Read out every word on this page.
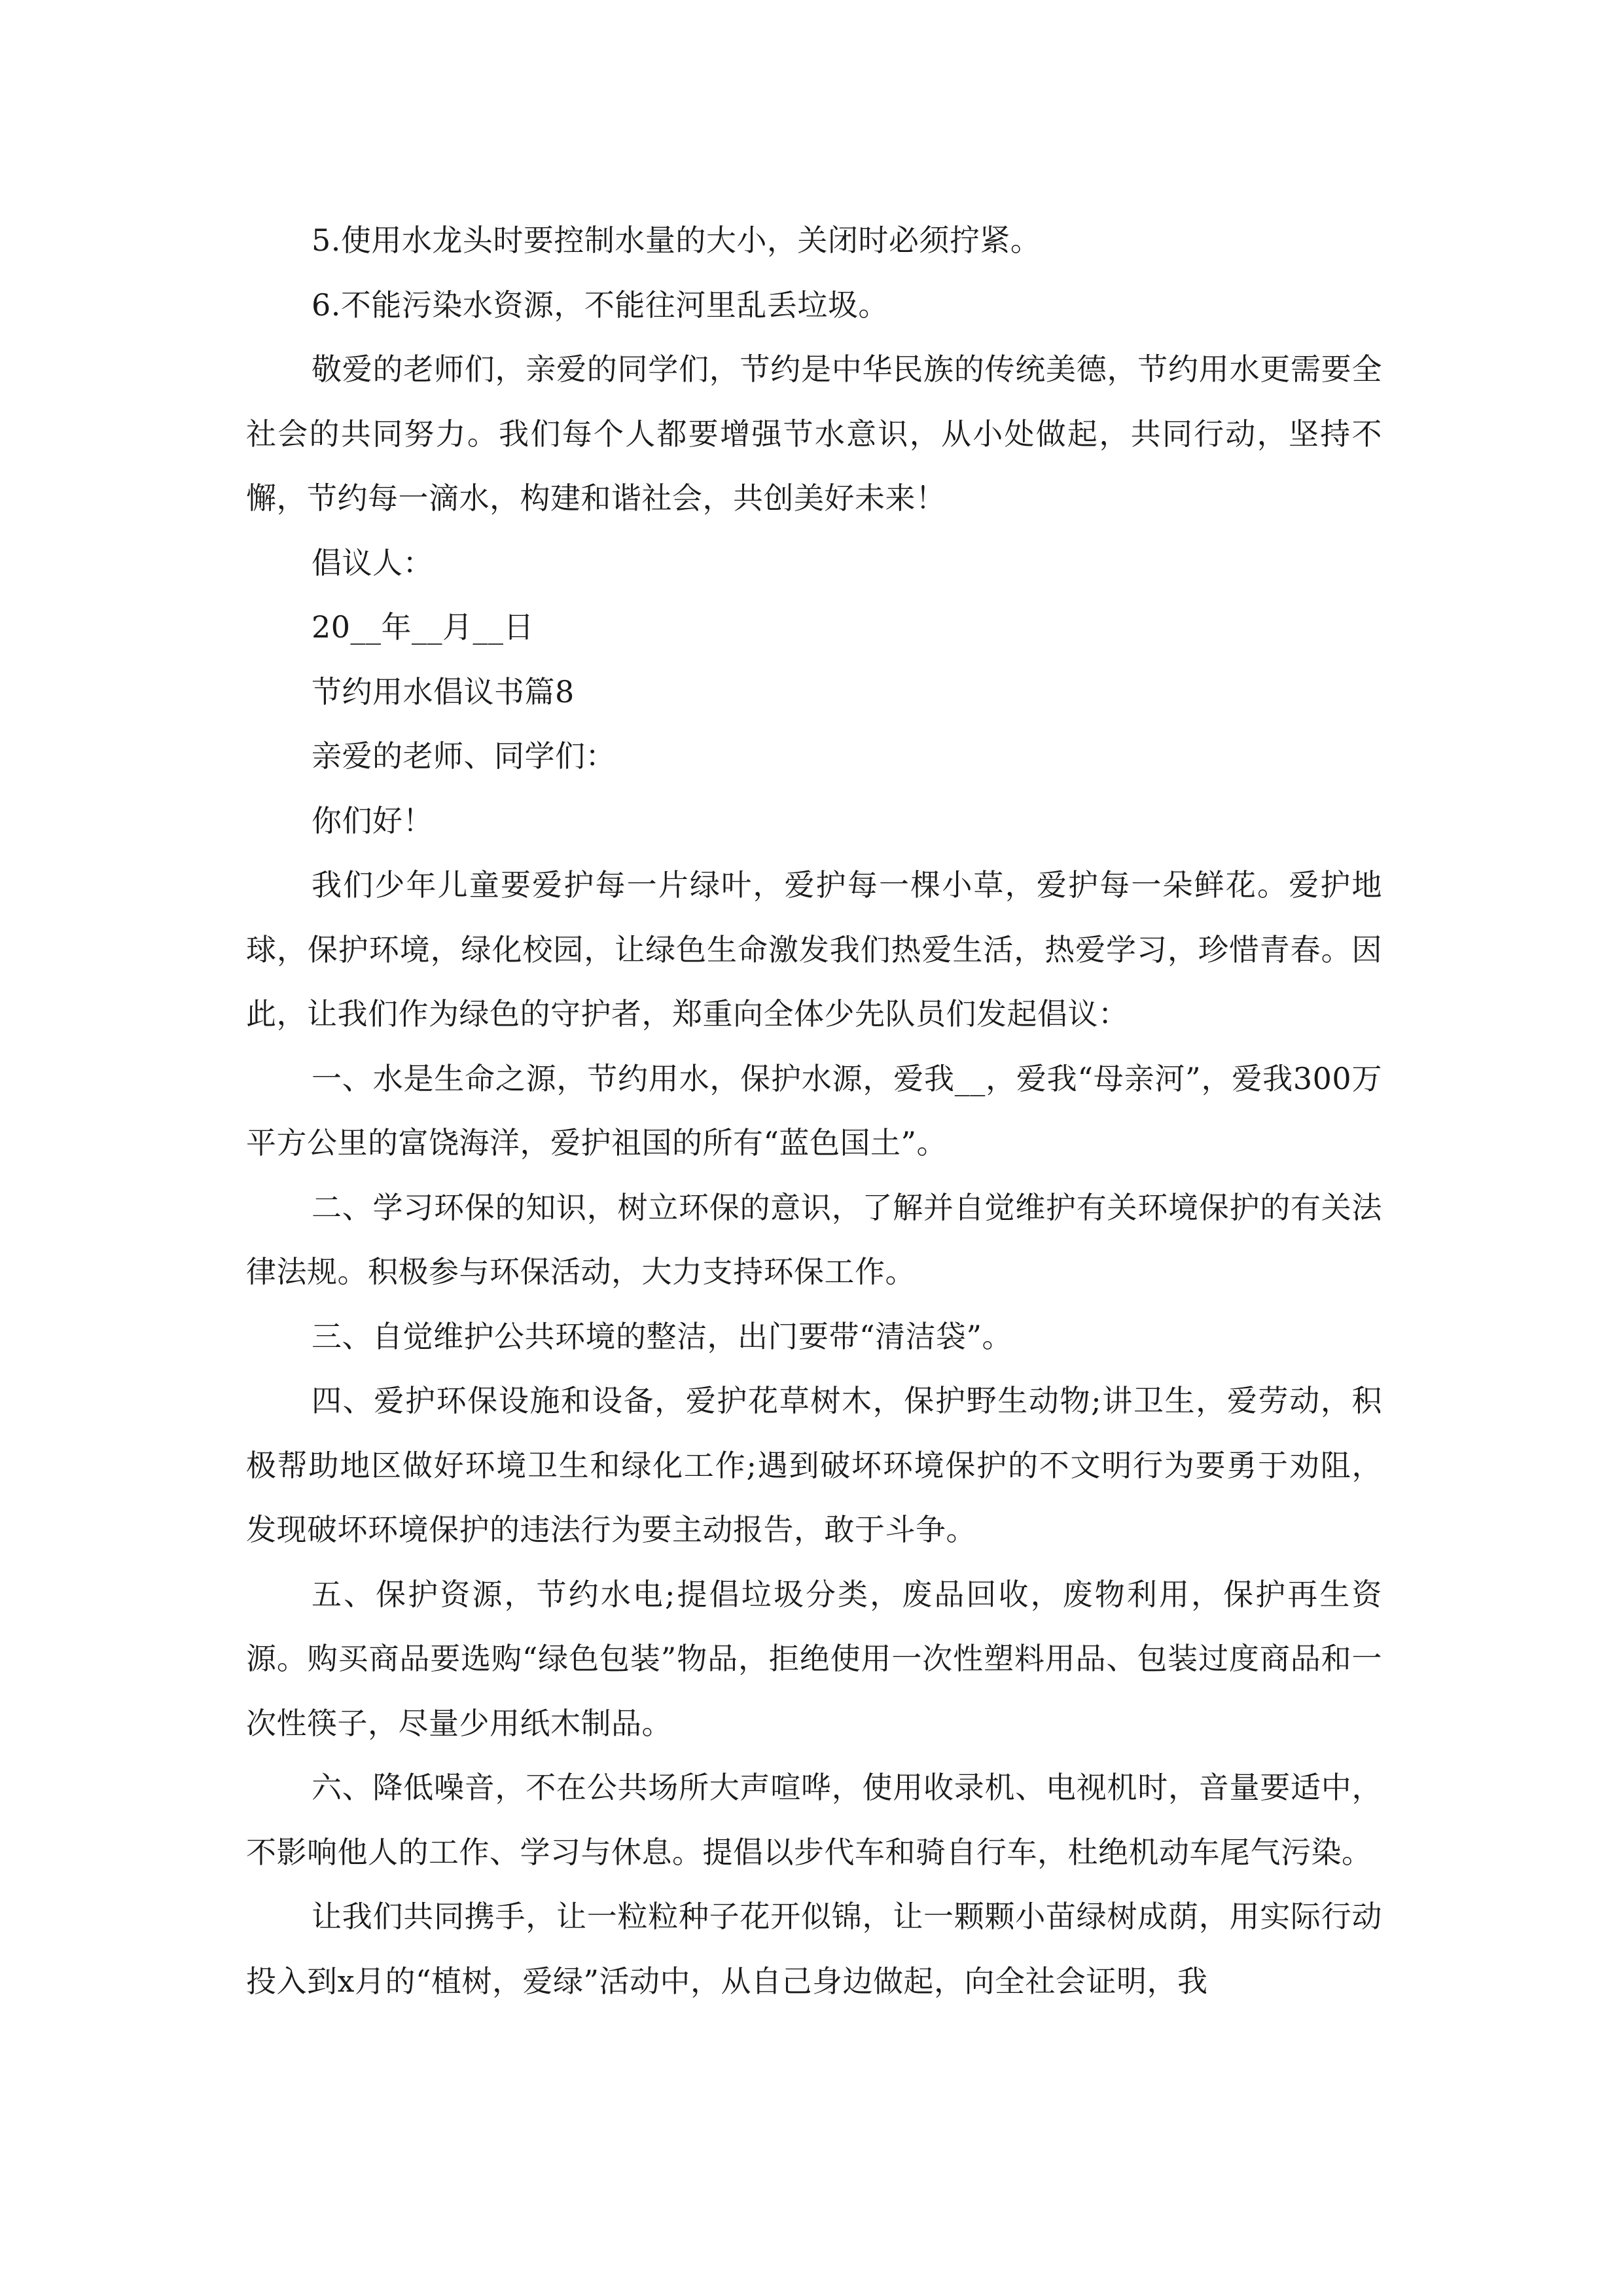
5.使用水龙头时要控制水量的大小，关闭时必须拧紧。

6.不能污染水资源，不能往河里乱丢垃圾。

敬爱的老师们，亲爱的同学们，节约是中华民族的传统美德，节约用水更需要全社会的共同努力。我们每个人都要增强节水意识，从小处做起，共同行动，坚持不懈，节约每一滴水，构建和谐社会，共创美好未来！

倡议人：

20__年__月__日

节约用水倡议书篇8

亲爱的老师、同学们：

你们好！

我们少年儿童要爱护每一片绿叶，爱护每一棵小草，爱护每一朵鲜花。爱护地球，保护环境，绿化校园，让绿色生命激发我们热爱生活，热爱学习，珍惜青春。因此，让我们作为绿色的守护者，郑重向全体少先队员们发起倡议：

一、水是生命之源，节约用水，保护水源，爱我__，爱我“母亲河”，爱我300万平方公里的富饶海洋，爱护祖国的所有“蓝色国土”。

二、学习环保的知识，树立环保的意识，了解并自觉维护有关环境保护的有关法律法规。积极参与环保活动，大力支持环保工作。

三、自觉维护公共环境的整洁，出门要带“清洁袋”。

四、爱护环保设施和设备，爱护花草树木，保护野生动物;讲卫生，爱劳动，积极帮助地区做好环境卫生和绿化工作;遇到破坏环境保护的不文明行为要勇于劝阻，发现破坏环境保护的违法行为要主动报告，敢于斗争。

五、保护资源，节约水电;提倡垃圾分类，废品回收，废物利用，保护再生资源。购买商品要选购“绿色包装”物品，拒绝使用一次性塑料用品、包装过度商品和一次性筷子，尽量少用纸木制品。

六、降低噪音，不在公共场所大声喧哗，使用收录机、电视机时，音量要适中，不影响他人的工作、学习与休息。提倡以步代车和骑自行车，杜绝机动车尾气污染。

让我们共同携手，让一粒粒种子花开似锦，让一颗颗小苗绿树成荫，用实际行动投入到x月的“植树，爱绿”活动中，从自己身边做起，向全社会证明，我
